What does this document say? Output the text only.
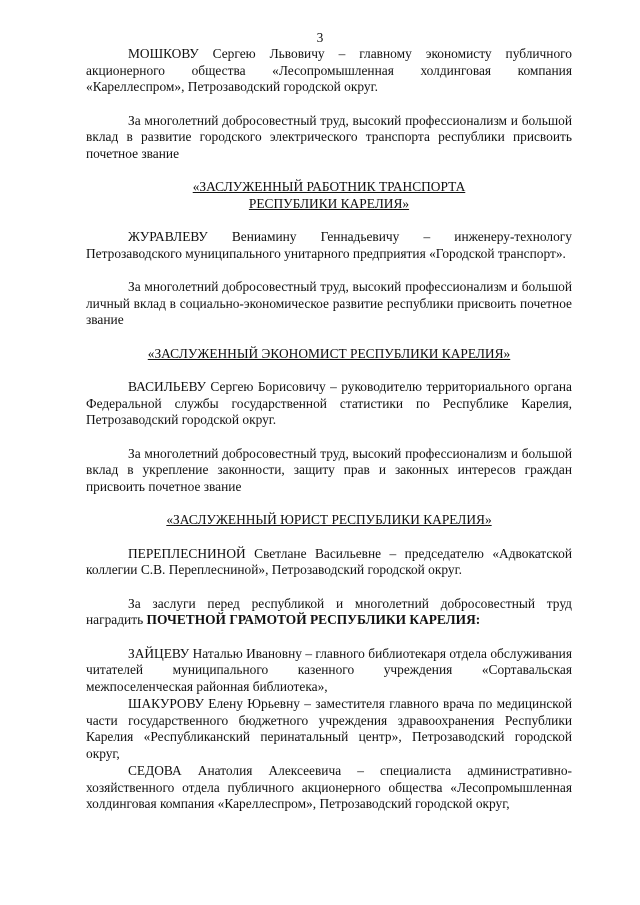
3

МОШКОВУ Сергею Львовичу – главному экономисту публичного акционерного общества «Лесопромышленная холдинговая компания «Кареллеспром», Петрозаводский городской округ.

За многолетний добросовестный труд, высокий профессионализм и большой вклад в развитие городского электрического транспорта республики присвоить почетное звание

«ЗАСЛУЖЕННЫЙ РАБОТНИК ТРАНСПОРТА

РЕСПУБЛИКИ КАРЕЛИЯ»

ЖУРАВЛЕВУ Вениамину Геннадьевичу – инженеру-технологу Петрозаводского муниципального унитарного предприятия «Городской транспорт».

За многолетний добросовестный труд, высокий профессионализм и большой личный вклад в социально-экономическое развитие республики присвоить почетное звание

«ЗАСЛУЖЕННЫЙ ЭКОНОМИСТ РЕСПУБЛИКИ КАРЕЛИЯ»

ВАСИЛЬЕВУ Сергею Борисовичу – руководителю территориального органа Федеральной службы государственной статистики по Республике Карелия, Петрозаводский городской округ.

За многолетний добросовестный труд, высокий профессионализм и большой вклад в укрепление законности, защиту прав и законных интересов граждан присвоить почетное звание

«ЗАСЛУЖЕННЫЙ ЮРИСТ РЕСПУБЛИКИ КАРЕЛИЯ»

ПЕРЕПЛЕСНИНОЙ Светлане Васильевне – председателю «Адвокатской коллегии С.В. Переплесниной», Петрозаводский городской округ.

За заслуги перед республикой и многолетний добросовестный труд наградить ПОЧЕТНОЙ ГРАМОТОЙ РЕСПУБЛИКИ КАРЕЛИЯ:

ЗАЙЦЕВУ Наталью Ивановну – главного библиотекаря отдела обслуживания читателей муниципального казенного учреждения «Сортавальская межпоселенческая районная библиотека»,

ШАКУРОВУ Елену Юрьевну – заместителя главного врача по медицинской части государственного бюджетного учреждения здравоохранения Республики Карелия «Республиканский перинатальный центр», Петрозаводский городской округ,

СЕДОВА Анатолия Алексеевича – специалиста административно-хозяйственного отдела публичного акционерного общества «Лесопромышленная холдинговая компания «Кареллеспром», Петрозаводский городской округ,
